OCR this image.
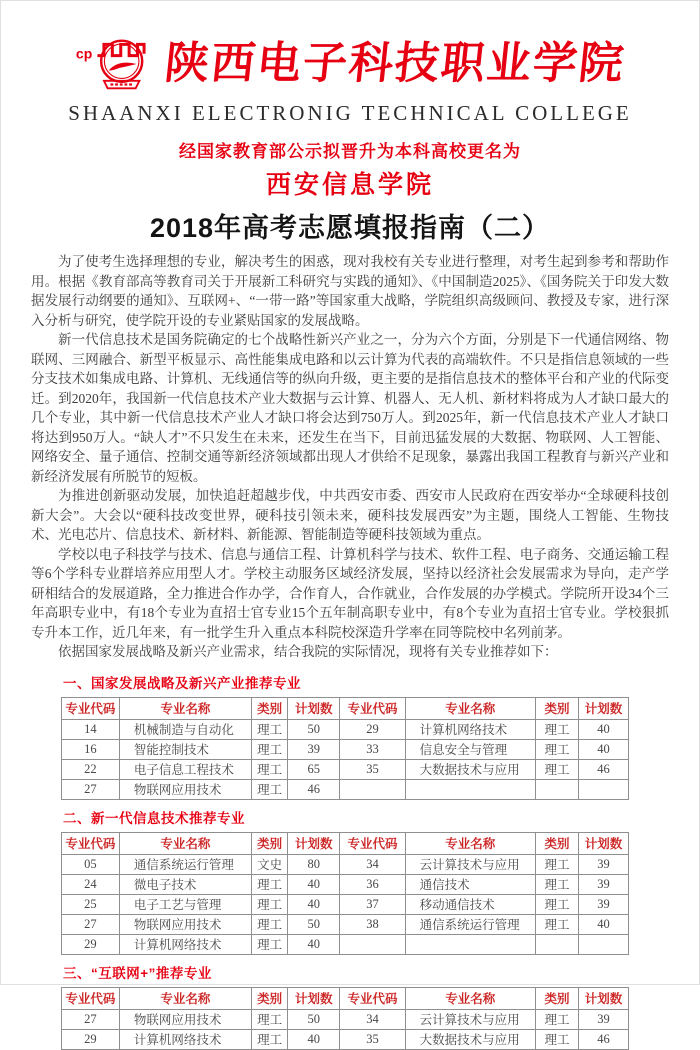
cp 陕西电子科技职业学院
SHAANXI ELECTRONIG TECHNICAL COLLEGE
经国家教育部公示拟晋升为本科高校更名为
西安信息学院
2018年高考志愿填报指南（二）

为了使考生选择理想的专业，解决考生的困惑，现对我校有关专业进行整理，对考生起到参考和帮助作用。根据《教育部高等教育司关于开展新工科研究与实践的通知》、《中国制造2025》、《国务院关于印发大数据发展行动纲要的通知》、互联网+、“一带一路”等国家重大战略，学院组织高级顾问、教授及专家，进行深入分析与研究，使学院开设的专业紧贴国家的发展战略。

新一代信息技术是国务院确定的七个战略性新兴产业之一，分为六个方面，分别是下一代通信网络、物联网、三网融合、新型平板显示、高性能集成电路和以云计算为代表的高端软件。不只是指信息领域的一些分支技术如集成电路、计算机、无线通信等的纵向升级，更主要的是指信息技术的整体平台和产业的代际变迁。到2020年，我国新一代信息技术产业大数据与云计算、机器人、无人机、新材料将成为人才缺口最大的几个专业，其中新一代信息技术产业人才缺口将会达到750万人。到2025年，新一代信息技术产业人才缺口将达到950万人。“缺人才”不只发生在未来，还发生在当下，目前迅猛发展的大数据、物联网、人工智能、网络安全、量子通信、控制交通等新经济领域都出现人才供给不足现象，暴露出我国工程教育与新兴产业和新经济发展有所脱节的短板。

为推进创新驱动发展，加快追赶超越步伐，中共西安市委、西安市人民政府在西安举办“全球硬科技创新大会”。大会以“硬科技改变世界，硬科技引领未来，硬科技发展西安”为主题，围绕人工智能、生物技术、光电芯片、信息技术、新材料、新能源、智能制造等硬科技领域为重点。

学校以电子科技学与技术、信息与通信工程、计算机科学与技术、软件工程、电子商务、交通运输工程等6个学科专业群培养应用型人才。学校主动服务区域经济发展，坚持以经济社会发展需求为导向，走产学研相结合的发展道路，全力推进合作办学，合作育人，合作就业，合作发展的办学模式。学院所开设34个三年高职专业中，有18个专业为直招士官专业15个五年制高职专业中，有8个专业为直招士官专业。学校狠抓专升本工作，近几年来，有一批学生升入重点本科院校深造升学率在同等院校中名列前茅。

依据国家发展战略及新兴产业需求，结合我院的实际情况，现将有关专业推荐如下：

一、国家发展战略及新兴产业推荐专业
专业代码	专业名称	类别	计划数	专业代码	专业名称	类别	计划数
14	机械制造与自动化	理工	50	29	计算机网络技术	理工	40
16	智能控制技术	理工	39	33	信息安全与管理	理工	40
22	电子信息工程技术	理工	65	35	大数据技术与应用	理工	46
27	物联网应用技术	理工	46				
二、新一代信息技术推荐专业
专业代码	专业名称	类别	计划数	专业代码	专业名称	类别	计划数
05	通信系统运行管理	文史	80	34	云计算技术与应用	理工	39
24	微电子技术	理工	40	36	通信技术	理工	39
25	电子工艺与管理	理工	40	37	移动通信技术	理工	39
27	物联网应用技术	理工	50	38	通信系统运行管理	理工	40
29	计算机网络技术	理工	40				
三、“互联网+”推荐专业
专业代码	专业名称	类别	计划数	专业代码	专业名称	类别	计划数
27	物联网应用技术	理工	50	34	云计算技术与应用	理工	39
29	计算机网络技术	理工	40	35	大数据技术与应用	理工	46
